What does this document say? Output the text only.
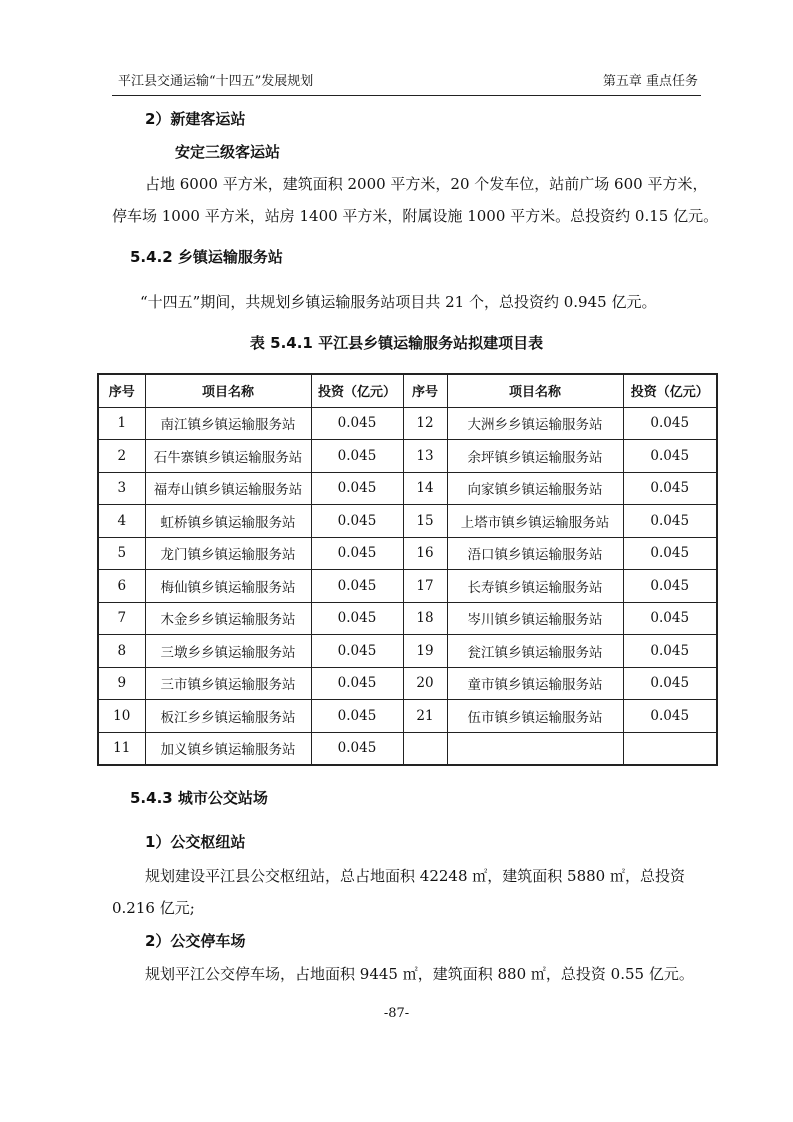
平江县交通运输“十四五”发展规划	第五章 重点任务
2）新建客运站
安定三级客运站
占地 6000 平方米，建筑面积 2000 平方米，20 个发车位，站前广场 600 平方米，
停车场 1000 平方米，站房 1400 平方米，附属设施 1000 平方米。总投资约 0.15 亿元。
5.4.2 乡镇运输服务站
“十四五”期间，共规划乡镇运输服务站项目共 21 个，总投资约 0.945 亿元。
表 5.4.1 平江县乡镇运输服务站拟建项目表
序号	项目名称	投资（亿元）	序号	项目名称	投资（亿元）
1	南江镇乡镇运输服务站	0.045	12	大洲乡乡镇运输服务站	0.045
2	石牛寨镇乡镇运输服务站	0.045	13	余坪镇乡镇运输服务站	0.045
3	福寿山镇乡镇运输服务站	0.045	14	向家镇乡镇运输服务站	0.045
4	虹桥镇乡镇运输服务站	0.045	15	上塔市镇乡镇运输服务站	0.045
5	龙门镇乡镇运输服务站	0.045	16	浯口镇乡镇运输服务站	0.045
6	梅仙镇乡镇运输服务站	0.045	17	长寿镇乡镇运输服务站	0.045
7	木金乡乡镇运输服务站	0.045	18	岑川镇乡镇运输服务站	0.045
8	三墩乡乡镇运输服务站	0.045	19	瓮江镇乡镇运输服务站	0.045
9	三市镇乡镇运输服务站	0.045	20	童市镇乡镇运输服务站	0.045
10	板江乡乡镇运输服务站	0.045	21	伍市镇乡镇运输服务站	0.045
11	加义镇乡镇运输服务站	0.045			
5.4.3 城市公交站场
1）公交枢纽站
规划建设平江县公交枢纽站，总占地面积 42248 ㎡，建筑面积 5880 ㎡，总投资
0.216 亿元;
2）公交停车场
规划平江公交停车场，占地面积 9445 ㎡，建筑面积 880 ㎡，总投资 0.55 亿元。
-87-
